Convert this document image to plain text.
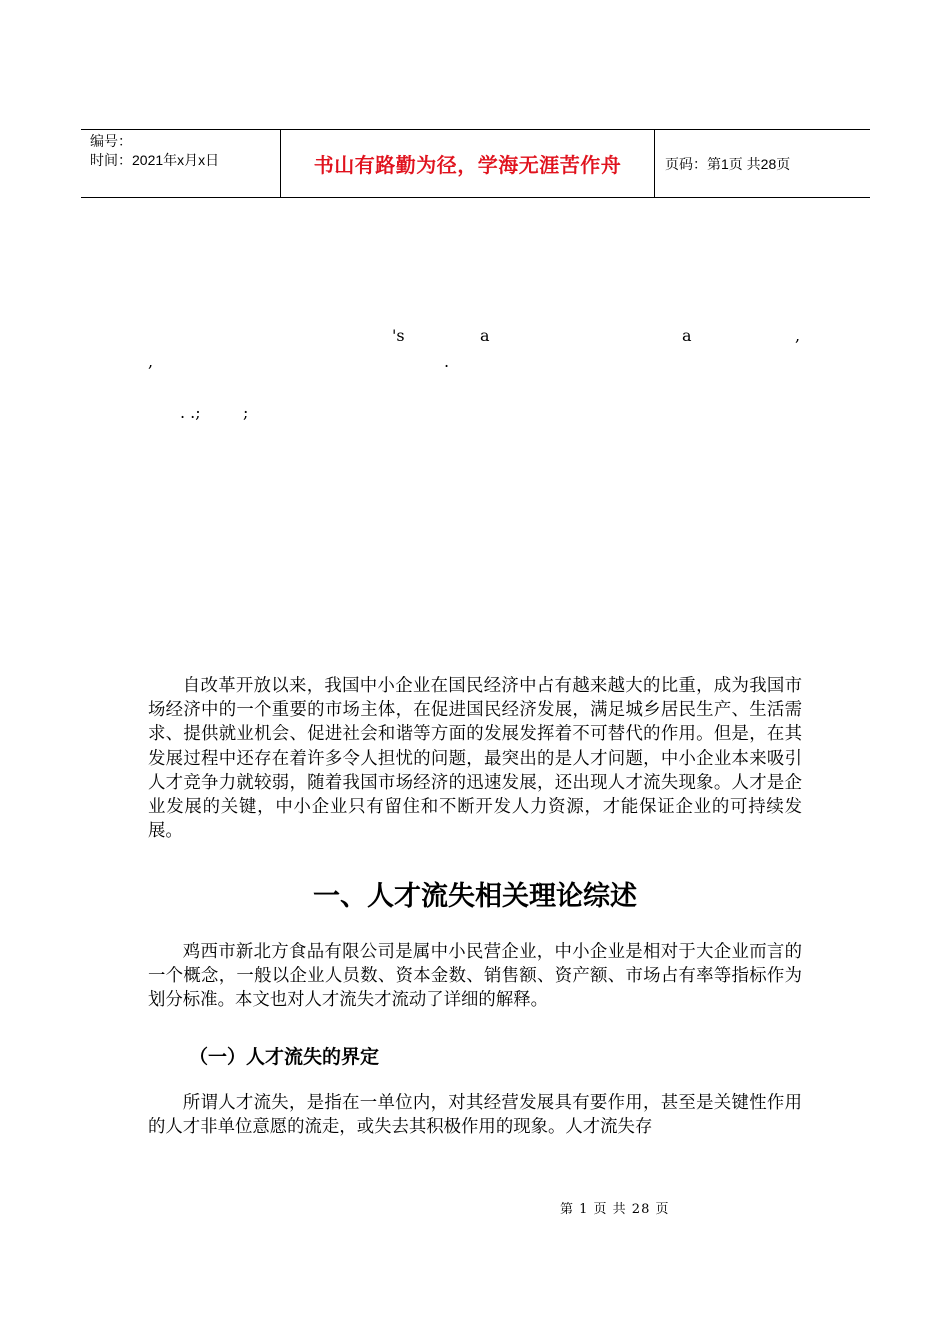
编号：
时间：2021年x月x日	书山有路勤为径，学海无涯苦作舟	页码：第1页 共28页
's	a	a	,
,	.
. .;	;

自改革开放以来，我国中小企业在国民经济中占有越来越大的比重，成为我国市场经济中的一个重要的市场主体，在促进国民经济发展，满足城乡居民生产、生活需求、提供就业机会、促进社会和谐等方面的发展发挥着不可替代的作用。但是，在其发展过程中还存在着许多令人担忧的问题，最突出的是人才问题，中小企业本来吸引人才竞争力就较弱，随着我国市场经济的迅速发展，还出现人才流失现象。人才是企业发展的关键，中小企业只有留住和不断开发人力资源，才能保证企业的可持续发展。

一、人才流失相关理论综述

鸡西市新北方食品有限公司是属中小民营企业，中小企业是相对于大企业而言的一个概念，一般以企业人员数、资本金数、销售额、资产额、市场占有率等指标作为划分标准。本文也对人才流失才流动了详细的解释。

（一）人才流失的界定

所谓人才流失，是指在一单位内，对其经营发展具有要作用，甚至是关键性作用的人才非单位意愿的流走，或失去其积极作用的现象。人才流失存

第 1 页 共 28 页
